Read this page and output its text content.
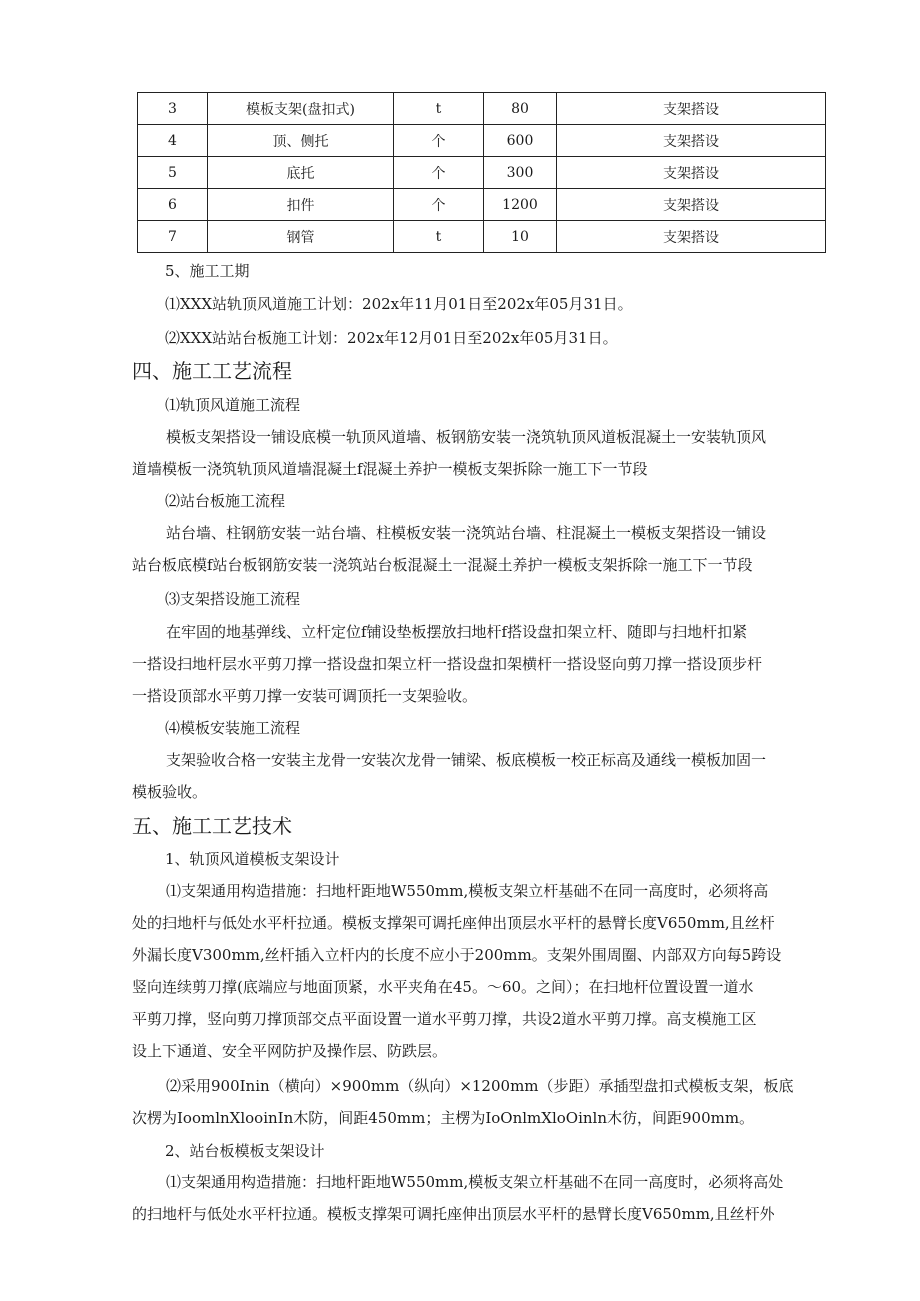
3	模板支架(盘扣式)	t	80	支架搭设
4	顶、侧托	个	600	支架搭设
5	底托	个	300	支架搭设
6	扣件	个	1200	支架搭设
7	钢管	t	10	支架搭设
5、施工工期
⑴XXX站轨顶风道施工计划：202x年11月01日至202x年05月31日。
⑵XXX站站台板施工计划：202x年12月01日至202x年05月31日。
四、施工工艺流程
⑴轨顶风道施工流程
模板支架搭设一铺设底模一轨顶风道墙、板钢筋安装一浇筑轨顶风道板混凝土一安装轨顶风
道墙模板一浇筑轨顶风道墙混凝土f混凝土养护一模板支架拆除一施工下一节段
⑵站台板施工流程
站台墙、柱钢筋安装一站台墙、柱模板安装一浇筑站台墙、柱混凝土一模板支架搭设一铺设
站台板底模f站台板钢筋安装一浇筑站台板混凝土一混凝土养护一模板支架拆除一施工下一节段
⑶支架搭设施工流程
在牢固的地基弹线、立杆定位f铺设垫板摆放扫地杆f搭设盘扣架立杆、随即与扫地杆扣紧
一搭设扫地杆层水平剪刀撑一搭设盘扣架立杆一搭设盘扣架横杆一搭设竖向剪刀撑一搭设顶步杆
一搭设顶部水平剪刀撑一安装可调顶托一支架验收。
⑷模板安装施工流程
支架验收合格一安装主龙骨一安装次龙骨一铺梁、板底模板一校正标高及通线一模板加固一
模板验收。
五、施工工艺技术
1、轨顶风道模板支架设计
⑴支架通用构造措施：扫地杆距地W550mm,模板支架立杆基础不在同一高度时，必须将高
处的扫地杆与低处水平杆拉通。模板支撑架可调托座伸出顶层水平杆的悬臂长度V650mm,且丝杆
外漏长度V300mm,丝杆插入立杆内的长度不应小于200mm。支架外围周圈、内部双方向每5跨设
竖向连续剪刀撑(底端应与地面顶紧，水平夹角在45。～60。之间）；在扫地杆位置设置一道水
平剪刀撑，竖向剪刀撑顶部交点平面设置一道水平剪刀撑，共设2道水平剪刀撑。高支模施工区
设上下通道、安全平网防护及操作层、防跌层。
⑵采用900Inin（横向）×900mm（纵向）×1200mm（步距）承插型盘扣式模板支架，板底
次楞为IoomlnXlooinIn木防，间距450mm；主楞为IoOnlmXloOinln木彷，间距900mm。
2、站台板模板支架设计
⑴支架通用构造措施：扫地杆距地W550mm,模板支架立杆基础不在同一高度时，必须将高处
的扫地杆与低处水平杆拉通。模板支撑架可调托座伸出顶层水平杆的悬臂长度V650mm,且丝杆外
